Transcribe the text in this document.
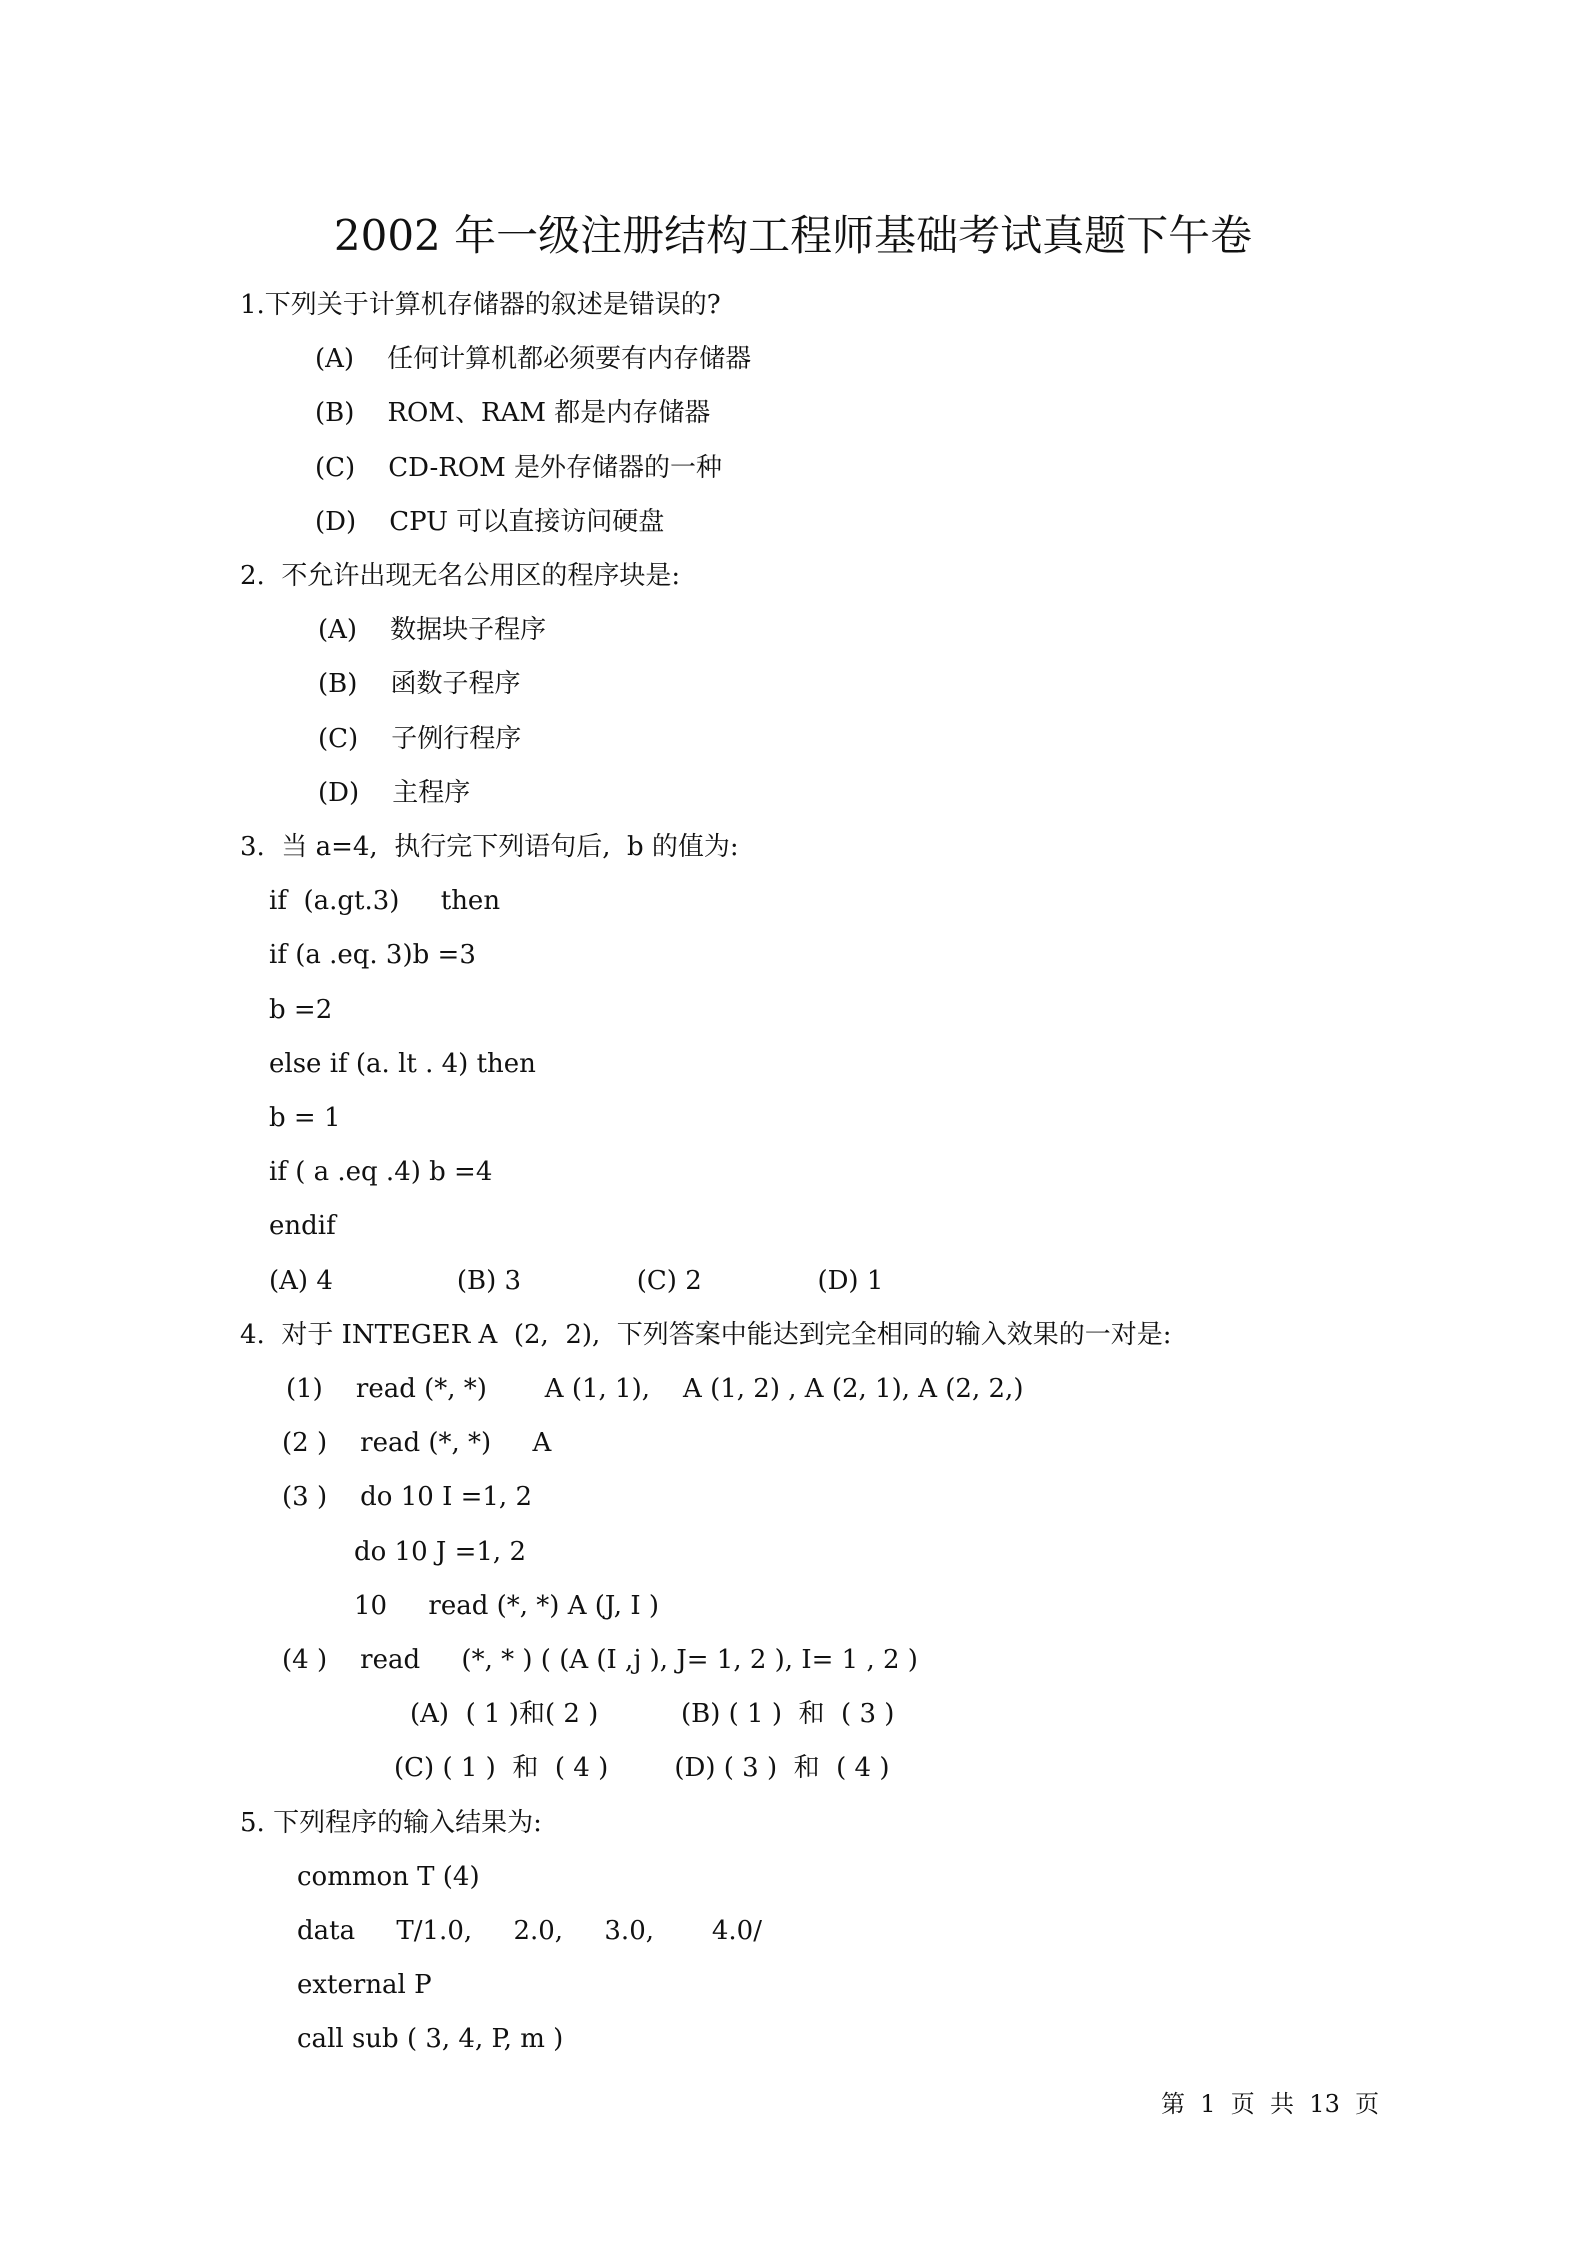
2002 年一级注册结构工程师基础考试真题下午卷
1.下列关于计算机存储器的叙述是错误的?
(A)    任何计算机都必须要有内存储器
(B)    ROM、RAM 都是内存储器
(C)    CD-ROM 是外存储器的一种
(D)    CPU 可以直接访问硬盘
2.  不允许出现无名公用区的程序块是:
(A)    数据块子程序
(B)    函数子程序
(C)    子例行程序
(D)    主程序
3.  当 a=4,  执行完下列语句后,  b 的值为:
if  (a.gt.3)     then
if (a .eq. 3)b =3
b =2
else if (a. lt . 4) then
b = 1
if ( a .eq .4) b =4
endif
(A) 4               (B) 3              (C) 2              (D) 1
4.  对于 INTEGER A  (2,  2),  下列答案中能达到完全相同的输入效果的一对是:
(1)    read (*, *)       A (1, 1),    A (1, 2) , A (2, 1), A (2, 2,)
(2 )    read (*, *)     A
(3 )    do 10 I =1, 2
do 10 J =1, 2
10     read (*, *) A (J, I )
(4 )    read     (*, * ) ( (A (I ,j ), J= 1, 2 ), I= 1 , 2 )
(A)  ( 1 )和( 2 )          (B) ( 1 )  和  ( 3 )
(C) ( 1 )  和  ( 4 )        (D) ( 3 )  和  ( 4 )
5. 下列程序的输入结果为:
common T (4)
data     T/1.0,     2.0,     3.0,       4.0/
external P
call sub ( 3, 4, P, m )
第  1  页  共  13  页
